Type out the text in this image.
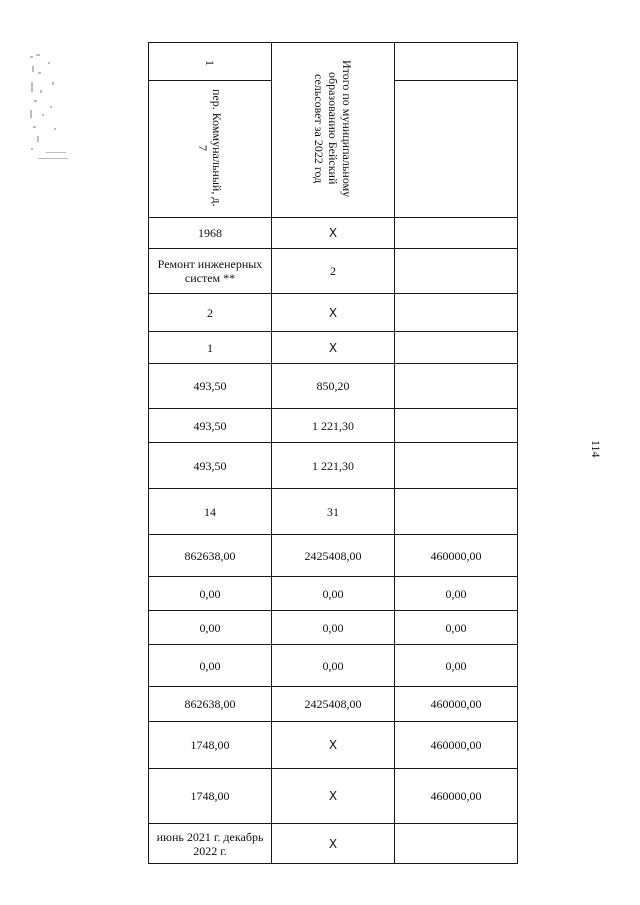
1	Итого по муниципальному образованию Бейский сельсовет за 2022 год	
пер. Коммунальный, д. 7		
1968	Х	
Ремонт инженерных систем **	2	
2	Х	
1	Х	
493,50	850,20	
493,50	1 221,30	
493,50	1 221,30	
14	31	
862638,00	2425408,00	460000,00
0,00	0,00	0,00
0,00	0,00	0,00
0,00	0,00	0,00
862638,00	2425408,00	460000,00
1748,00	Х	460000,00
1748,00	Х	460000,00
июнь 2021 г. декабрь 2022 г.	Х	
114
